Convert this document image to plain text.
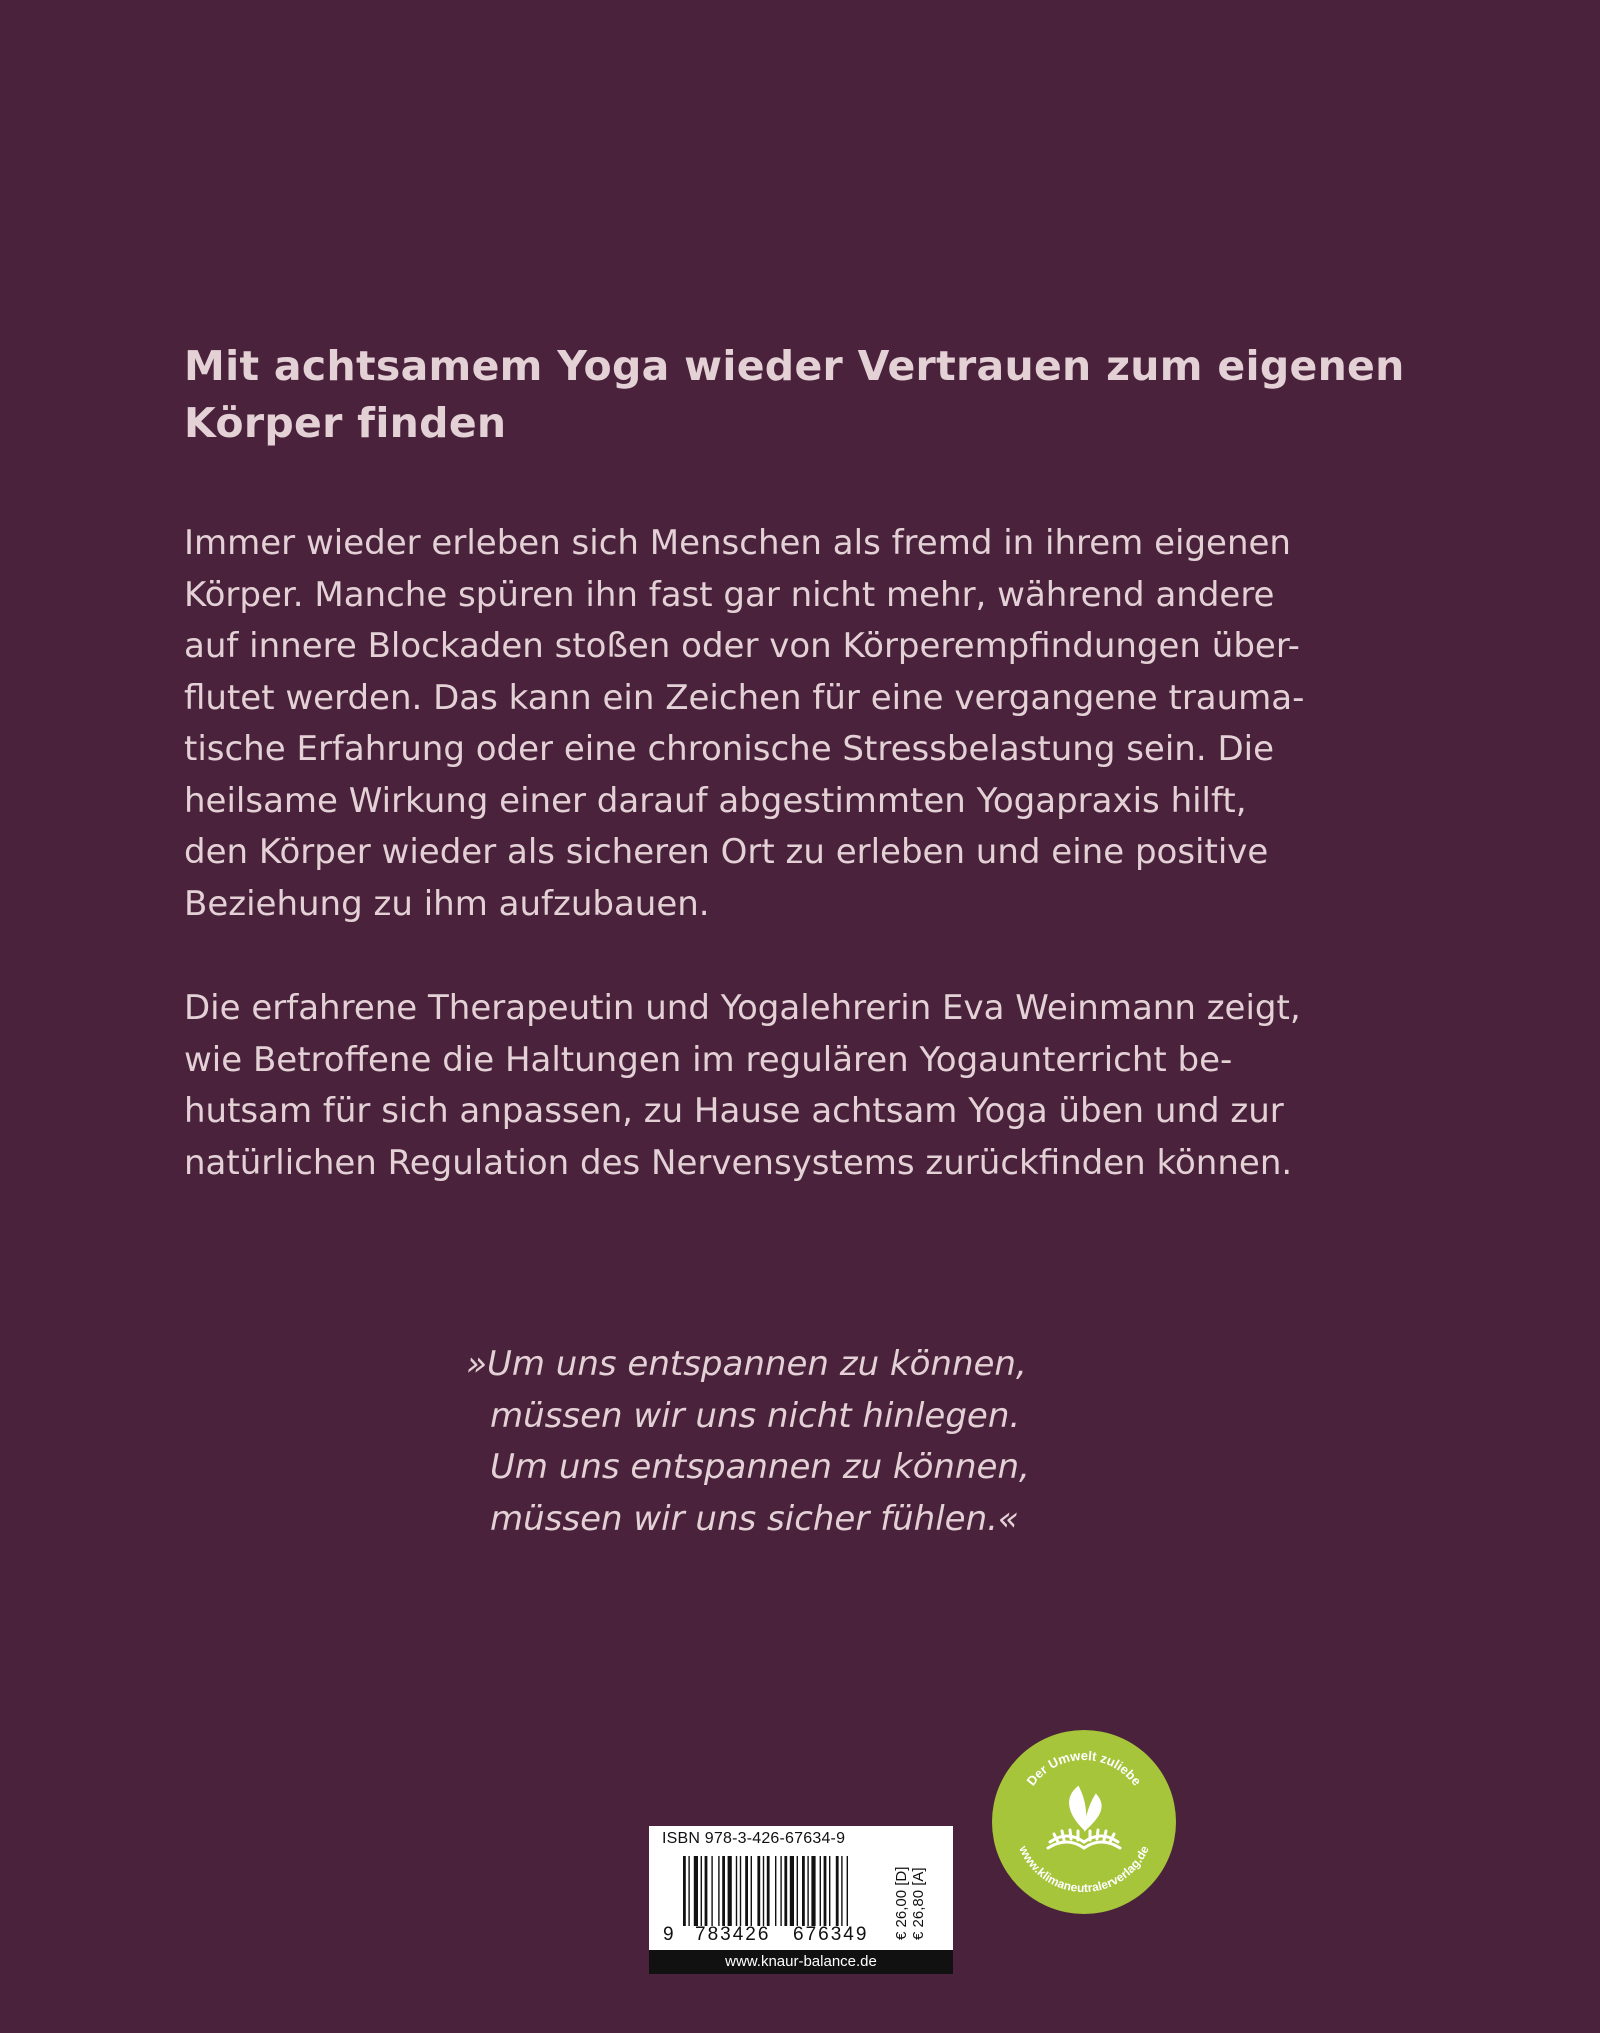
Mit achtsamem Yoga wieder Vertrauen zum eigenen
Körper finden

Immer wieder erleben sich Menschen als fremd in ihrem eigenen
Körper. Manche spüren ihn fast gar nicht mehr, während andere
auf innere Blockaden stoßen oder von Körperempfindungen über-
flutet werden. Das kann ein Zeichen für eine vergangene trauma-
tische Erfahrung oder eine chronische Stressbelastung sein. Die
heilsame Wirkung einer darauf abgestimmten Yogapraxis hilft,
den Körper wieder als sicheren Ort zu erleben und eine positive
Beziehung zu ihm aufzubauen.

Die erfahrene Therapeutin und Yogalehrerin Eva Weinmann zeigt,
wie Betroffene die Haltungen im regulären Yogaunterricht be-
hutsam für sich anpassen, zu Hause achtsam Yoga üben und zur
natürlichen Regulation des Nervensystems zurückfinden können.

»Um uns entspannen zu können,
müssen wir uns nicht hinlegen.
Um uns entspannen zu können,
müssen wir uns sicher fühlen.«

ISBN 978-3-426-67634-9
9 783426 676349 € 26,00 [D] € 26,80 [A]
www.knaur-balance.de
Der Umwelt zuliebe
www.klimaneutralerverlag.de
